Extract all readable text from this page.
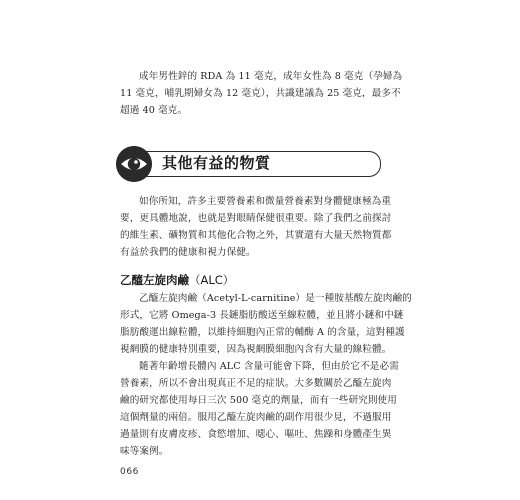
成年男性鋅的 RDA 為 11 毫克，成年女性為 8 毫克（孕婦為
11 毫克，哺乳期婦女為 12 毫克），共識建議為 25 毫克，最多不
超過 40 毫克。
其他有益的物質
如你所知，許多主要營養素和微量營養素對身體健康極為重
要，更具體地說，也就是對眼睛保健很重要。除了我們之前探討
的維生素、礦物質和其他化合物之外，其實還有大量天然物質都
有益於我們的健康和視力保健。
乙醯左旋肉鹼（ALC）
乙醯左旋肉鹼（Acetyl-L-carnitine）是一種胺基酸左旋肉鹼的
形式，它將 Omega-3 長鏈脂肪酸送至線粒體，並且將小鏈和中鏈
脂肪酸運出線粒體，以維持細胞內正常的輔酶 A 的含量，這對種護
視網膜的健康特別重要，因為視網膜細胞內含有大量的線粒體。
隨著年齡增長體內 ALC 含量可能會下降，但由於它不是必需
營養素，所以不會出現真正不足的症狀。大多數關於乙醯左旋肉
鹼的研究都使用每日三次 500 毫克的劑量，而有一些研究則使用
這個劑量的兩倍。服用乙醯左旋肉鹼的副作用很少見，不過服用
過量則有皮膚皮疹、食慾增加、噁心、嘔吐、焦躁和身體產生異
味等案例。

066
